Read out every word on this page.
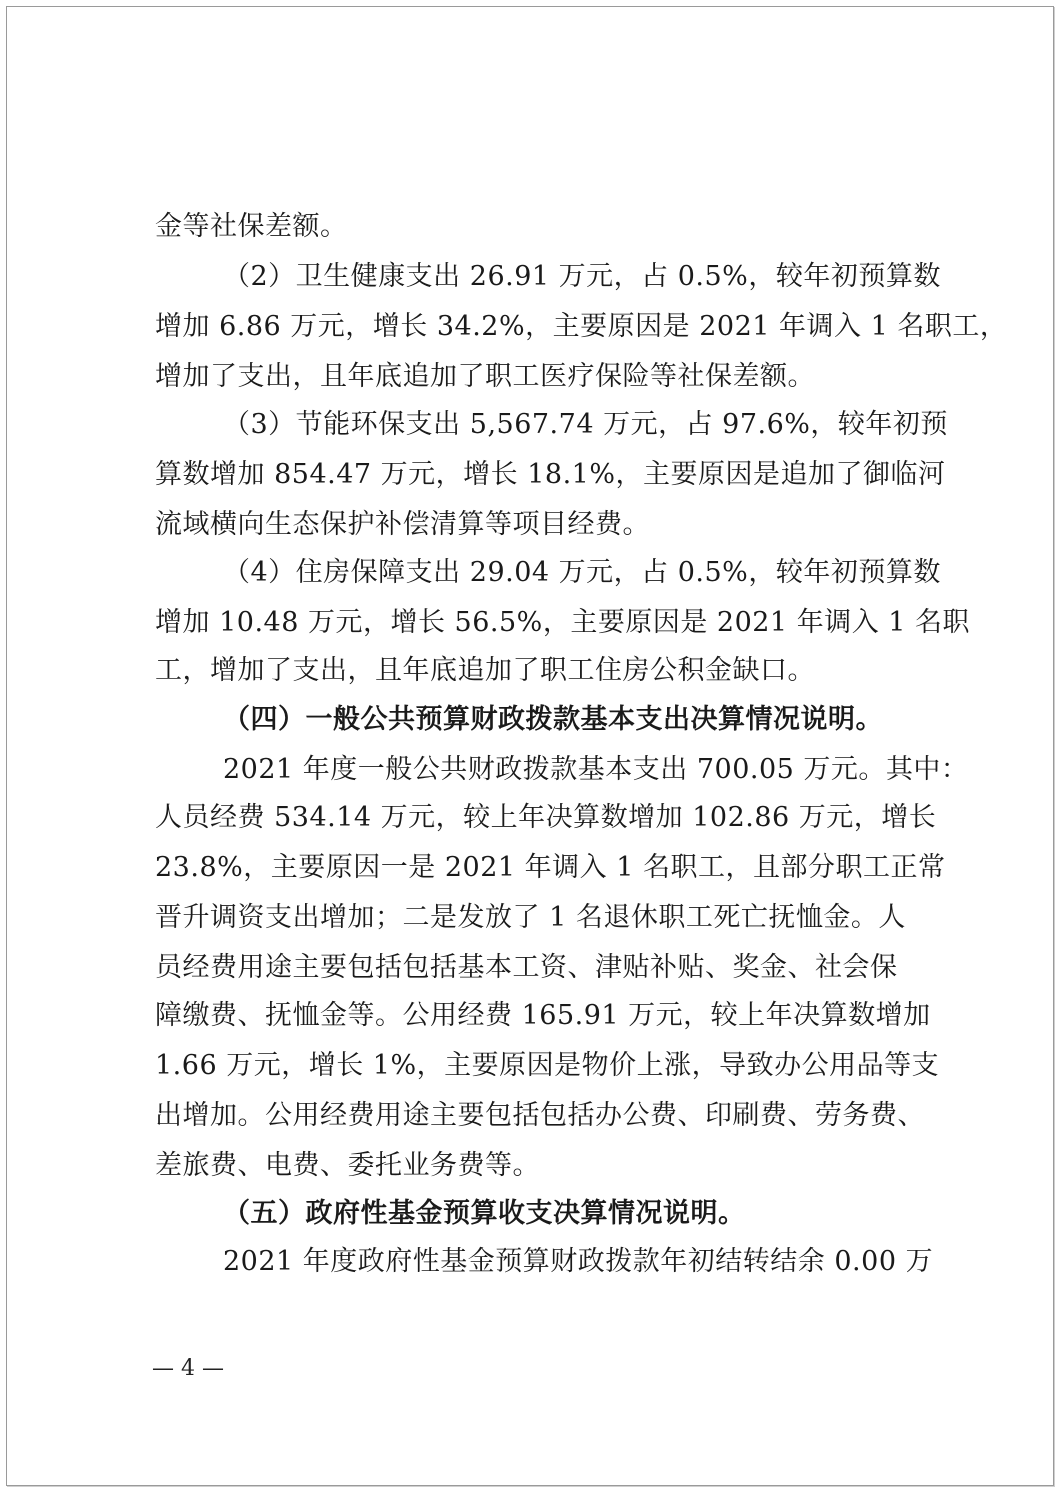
金等社保差额。
（2）卫生健康支出 26.91 万元，占 0.5%，较年初预算数
增加 6.86 万元，增长 34.2%，主要原因是 2021 年调入 1 名职工，
增加了支出，且年底追加了职工医疗保险等社保差额。
（3）节能环保支出 5,567.74 万元，占 97.6%，较年初预
算数增加 854.47 万元，增长 18.1%，主要原因是追加了御临河
流域横向生态保护补偿清算等项目经费。
（4）住房保障支出 29.04 万元，占 0.5%，较年初预算数
增加 10.48 万元，增长 56.5%，主要原因是 2021 年调入 1 名职
工，增加了支出，且年底追加了职工住房公积金缺口。
（四）一般公共预算财政拨款基本支出决算情况说明。
2021 年度一般公共财政拨款基本支出 700.05 万元。其中：
人员经费 534.14 万元，较上年决算数增加 102.86 万元，增长
23.8%，主要原因一是 2021 年调入 1 名职工，且部分职工正常
晋升调资支出增加；二是发放了 1 名退休职工死亡抚恤金。人
员经费用途主要包括包括基本工资、津贴补贴、奖金、社会保
障缴费、抚恤金等。公用经费 165.91 万元，较上年决算数增加
1.66 万元，增长 1%，主要原因是物价上涨，导致办公用品等支
出增加。公用经费用途主要包括包括办公费、印刷费、劳务费、
差旅费、电费、委托业务费等。
（五）政府性基金预算收支决算情况说明。
2021 年度政府性基金预算财政拨款年初结转结余 0.00 万
— 4 —
